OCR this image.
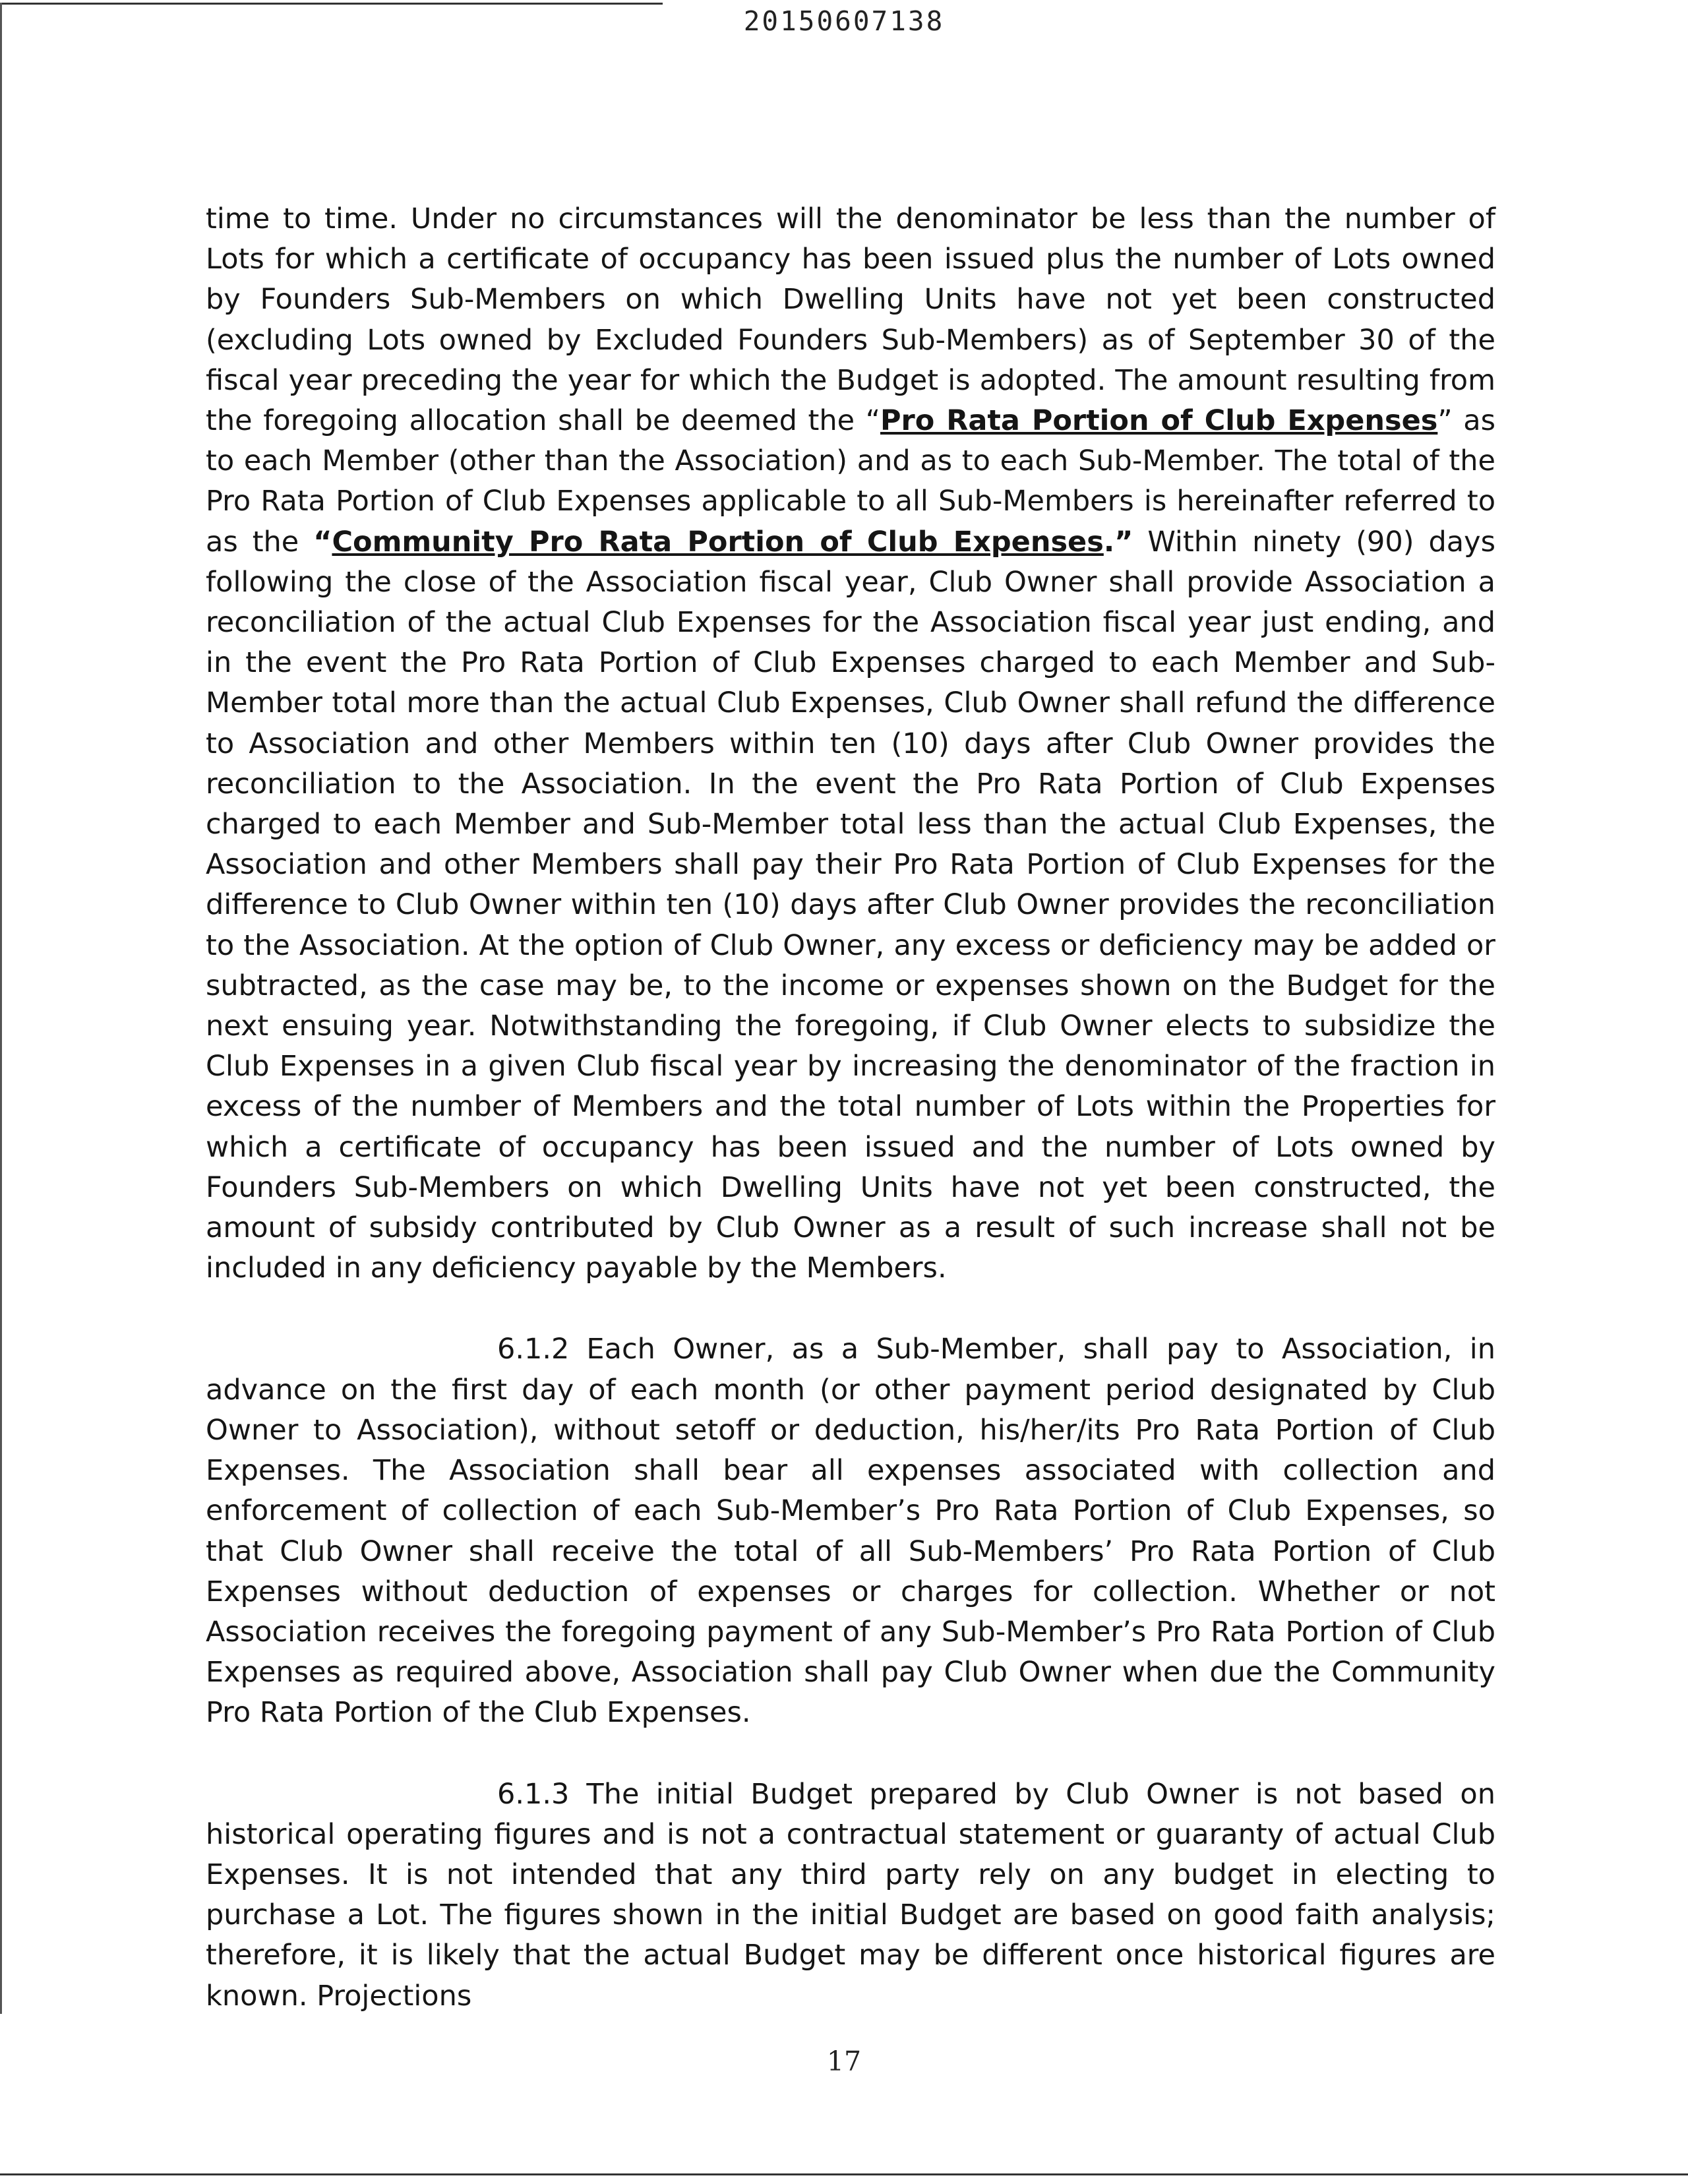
20150607138

time to time. Under no circumstances will the denominator be less than the number of Lots for which a certificate of occupancy has been issued plus the number of Lots owned by Founders Sub-Members on which Dwelling Units have not yet been constructed (excluding Lots owned by Excluded Founders Sub-Members) as of September 30 of the fiscal year preceding the year for which the Budget is adopted. The amount resulting from the foregoing allocation shall be deemed the “Pro Rata Portion of Club Expenses” as to each Member (other than the Association) and as to each Sub-Member. The total of the Pro Rata Portion of Club Expenses applicable to all Sub-Members is hereinafter referred to as the “Community Pro Rata Portion of Club Expenses.” Within ninety (90) days following the close of the Association fiscal year, Club Owner shall provide Association a reconciliation of the actual Club Expenses for the Association fiscal year just ending, and in the event the Pro Rata Portion of Club Expenses charged to each Member and Sub-Member total more than the actual Club Expenses, Club Owner shall refund the difference to Association and other Members within ten (10) days after Club Owner provides the reconciliation to the Association. In the event the Pro Rata Portion of Club Expenses charged to each Member and Sub-Member total less than the actual Club Expenses, the Association and other Members shall pay their Pro Rata Portion of Club Expenses for the difference to Club Owner within ten (10) days after Club Owner provides the reconciliation to the Association. At the option of Club Owner, any excess or deficiency may be added or subtracted, as the case may be, to the income or expenses shown on the Budget for the next ensuing year. Notwithstanding the foregoing, if Club Owner elects to subsidize the Club Expenses in a given Club fiscal year by increasing the denominator of the fraction in excess of the number of Members and the total number of Lots within the Properties for which a certificate of occupancy has been issued and the number of Lots owned by Founders Sub-Members on which Dwelling Units have not yet been constructed, the amount of subsidy contributed by Club Owner as a result of such increase shall not be included in any deficiency payable by the Members.

6.1.2 Each Owner, as a Sub-Member, shall pay to Association, in advance on the first day of each month (or other payment period designated by Club Owner to Association), without setoff or deduction, his/her/its Pro Rata Portion of Club Expenses. The Association shall bear all expenses associated with collection and enforcement of collection of each Sub-Member’s Pro Rata Portion of Club Expenses, so that Club Owner shall receive the total of all Sub-Members’ Pro Rata Portion of Club Expenses without deduction of expenses or charges for collection. Whether or not Association receives the foregoing payment of any Sub-Member’s Pro Rata Portion of Club Expenses as required above, Association shall pay Club Owner when due the Community Pro Rata Portion of the Club Expenses.

6.1.3 The initial Budget prepared by Club Owner is not based on historical operating figures and is not a contractual statement or guaranty of actual Club Expenses. It is not intended that any third party rely on any budget in electing to purchase a Lot. The figures shown in the initial Budget are based on good faith analysis; therefore, it is likely that the actual Budget may be different once historical figures are known. Projections

17
